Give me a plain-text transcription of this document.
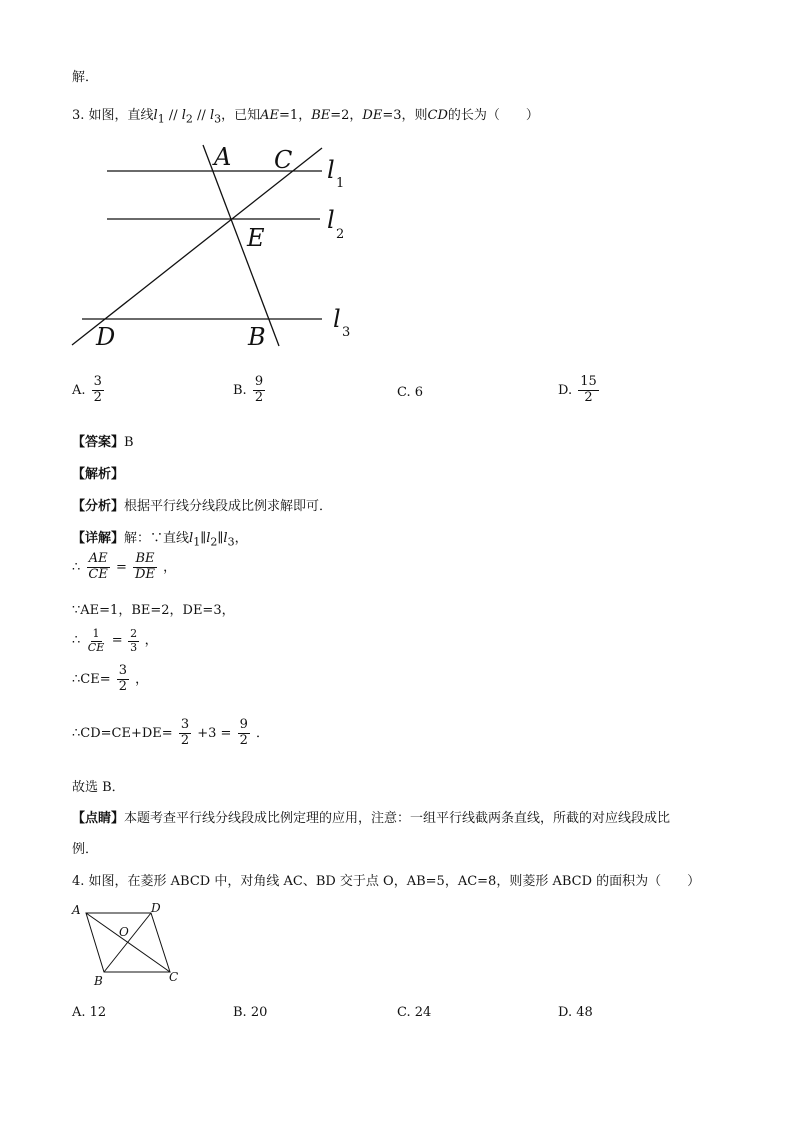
解．
3. 如图，直线$l_1 // l_2 // l_3$，已知AE=1，BE=2，DE=3，则CD的长为（　　）
A C
E
D	B
l
l
l
1
2
3
A. $\frac{3}{2}$	B. $\frac{9}{2}$	C. 6	D. $\frac{15}{2}$
【答案】B
【解析】
【分析】根据平行线分线段成比例求解即可．
【详解】解：∵直线$l_1\parallel l_2\parallel l_3$，
∴ $\frac{AE}{CE} = \frac{BE}{DE}$ ，
∵AE=1，BE=2，DE=3，
∴ $\frac{1}{CE} = \frac{2}{3}$ ，
∴CE= $\frac{3}{2}$ ，
∴CD=CE+DE= $\frac{3}{2} +3 = \frac{9}{2}$ ．
故选 B．
【点睛】本题考查平行线分线段成比例定理的应用，注意：一组平行线截两条直线，所截的对应线段成比
例．
4. 如图，在菱形 ABCD 中，对角线 AC、BD 交于点 O，AB=5，AC=8，则菱形 ABCD 的面积为（　　）
A	D
O
B	C
A. 12	B. 20	C. 24	D. 48
